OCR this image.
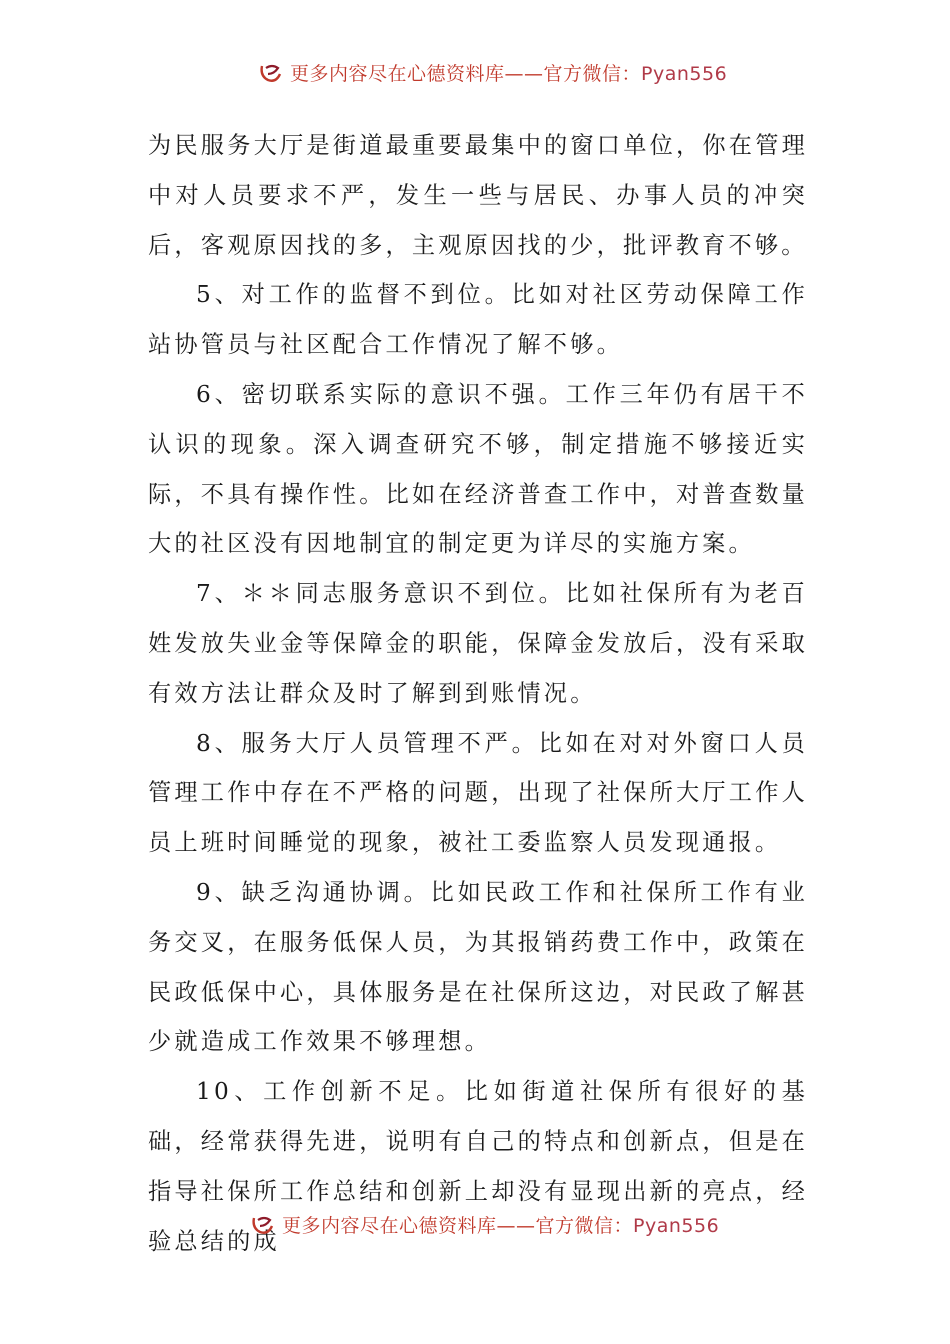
更多内容尽在心德资料库——官方微信：Pyan556

为民服务大厅是街道最重要最集中的窗口单位，你在管理中对人员要求不严，发生一些与居民、办事人员的冲突后，客观原因找的多，主观原因找的少，批评教育不够。

5、对工作的监督不到位。比如对社区劳动保障工作站协管员与社区配合工作情况了解不够。

6、密切联系实际的意识不强。工作三年仍有居干不认识的现象。深入调查研究不够，制定措施不够接近实际，不具有操作性。比如在经济普查工作中，对普查数量大的社区没有因地制宜的制定更为详尽的实施方案。

7、＊＊同志服务意识不到位。比如社保所有为老百姓发放失业金等保障金的职能，保障金发放后，没有采取有效方法让群众及时了解到到账情况。

8、服务大厅人员管理不严。比如在对对外窗口人员管理工作中存在不严格的问题，出现了社保所大厅工作人员上班时间睡觉的现象，被社工委监察人员发现通报。

9、缺乏沟通协调。比如民政工作和社保所工作有业务交叉，在服务低保人员，为其报销药费工作中，政策在民政低保中心，具体服务是在社保所这边，对民政了解甚少就造成工作效果不够理想。

10、工作创新不足。比如街道社保所有很好的基础，经常获得先进，说明有自己的特点和创新点，但是在指导社保所工作总结和创新上却没有显现出新的亮点，经验总结的成

更多内容尽在心德资料库——官方微信：Pyan556
